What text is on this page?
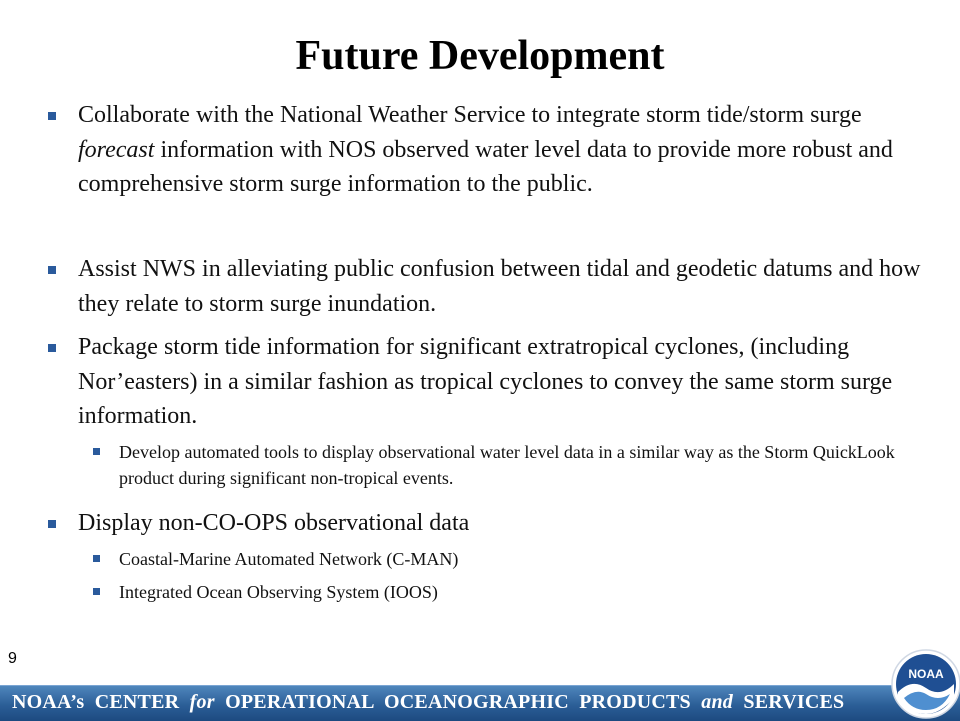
Future Development
Collaborate with the National Weather Service to integrate storm tide/storm surge forecast information with NOS observed water level data to provide more robust and comprehensive storm surge information to the public.
Assist NWS in alleviating public confusion between tidal and geodetic datums and how they relate to storm surge inundation.
Package storm tide information for significant extratropical cyclones, (including Nor’easters) in a similar fashion as tropical cyclones to convey the same storm surge information.
Develop automated tools to display observational water level data in a similar way as the Storm QuickLook product during significant non-tropical events.
Display non-CO-OPS observational data
Coastal-Marine Automated Network (C-MAN)
Integrated Ocean Observing System (IOOS)
9
NOAA’s  CENTER  for  OPERATIONAL  OCEANOGRAPHIC  PRODUCTS  and  SERVICES
NOAA
